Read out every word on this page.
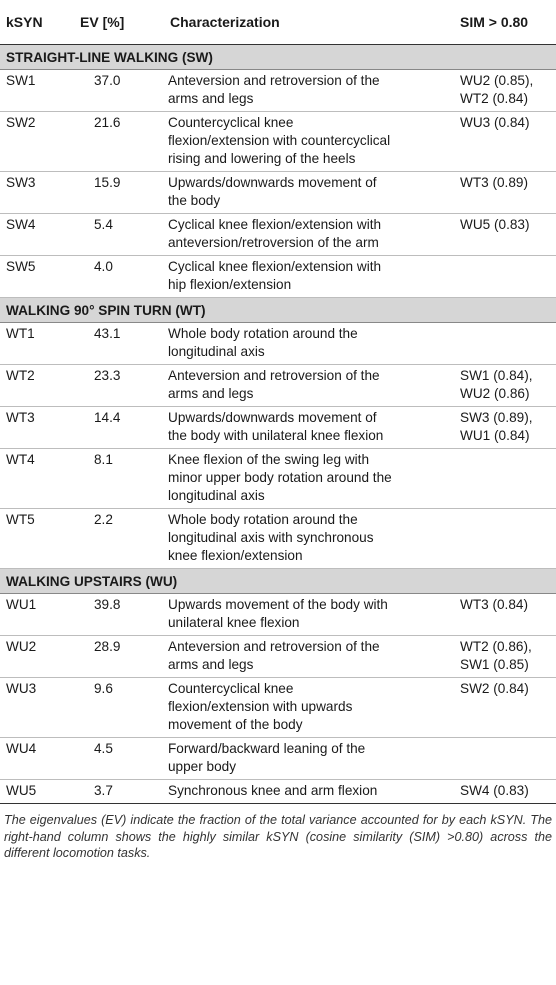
kSYN	EV [%]	Characterization	SIM > 0.80
STRAIGHT-LINE WALKING (SW)			
SW1	37.0	Anteversion and retroversion of the
arms and legs	WU2 (0.85),
WT2 (0.84)

SW2	21.6	Countercyclical knee
flexion/extension with countercyclical
rising and lowering of the heels	WU3 (0.84)

SW3	15.9	Upwards/downwards movement of
the body	WT3 (0.89)

SW4	5.4	Cyclical knee flexion/extension with
anteversion/retroversion of the arm	WU5 (0.83)

SW5	4.0	Cyclical knee flexion/extension with
hip flexion/extension	

WALKING 90° SPIN TURN (WT)			
WT1	43.1	Whole body rotation around the
longitudinal axis	

WT2	23.3	Anteversion and retroversion of the
arms and legs	SW1 (0.84),
WU2 (0.86)

WT3	14.4	Upwards/downwards movement of
the body with unilateral knee flexion	SW3 (0.89),
WU1 (0.84)

WT4	8.1	Knee flexion of the swing leg with
minor upper body rotation around the
longitudinal axis	

WT5	2.2	Whole body rotation around the
longitudinal axis with synchronous
knee flexion/extension	

WALKING UPSTAIRS (WU)			
WU1	39.8	Upwards movement of the body with
unilateral knee flexion	WT3 (0.84)

WU2	28.9	Anteversion and retroversion of the
arms and legs	WT2 (0.86),
SW1 (0.85)

WU3	9.6	Countercyclical knee
flexion/extension with upwards
movement of the body	SW2 (0.84)

WU4	4.5	Forward/backward leaning of the
upper body	

WU5	3.7	Synchronous knee and arm flexion	SW4 (0.83)
The eigenvalues (EV) indicate the fraction of the total variance accounted for by each kSYN. The right-hand column shows the highly similar kSYN (cosine similarity (SIM) >0.80) across the different locomotion tasks.
